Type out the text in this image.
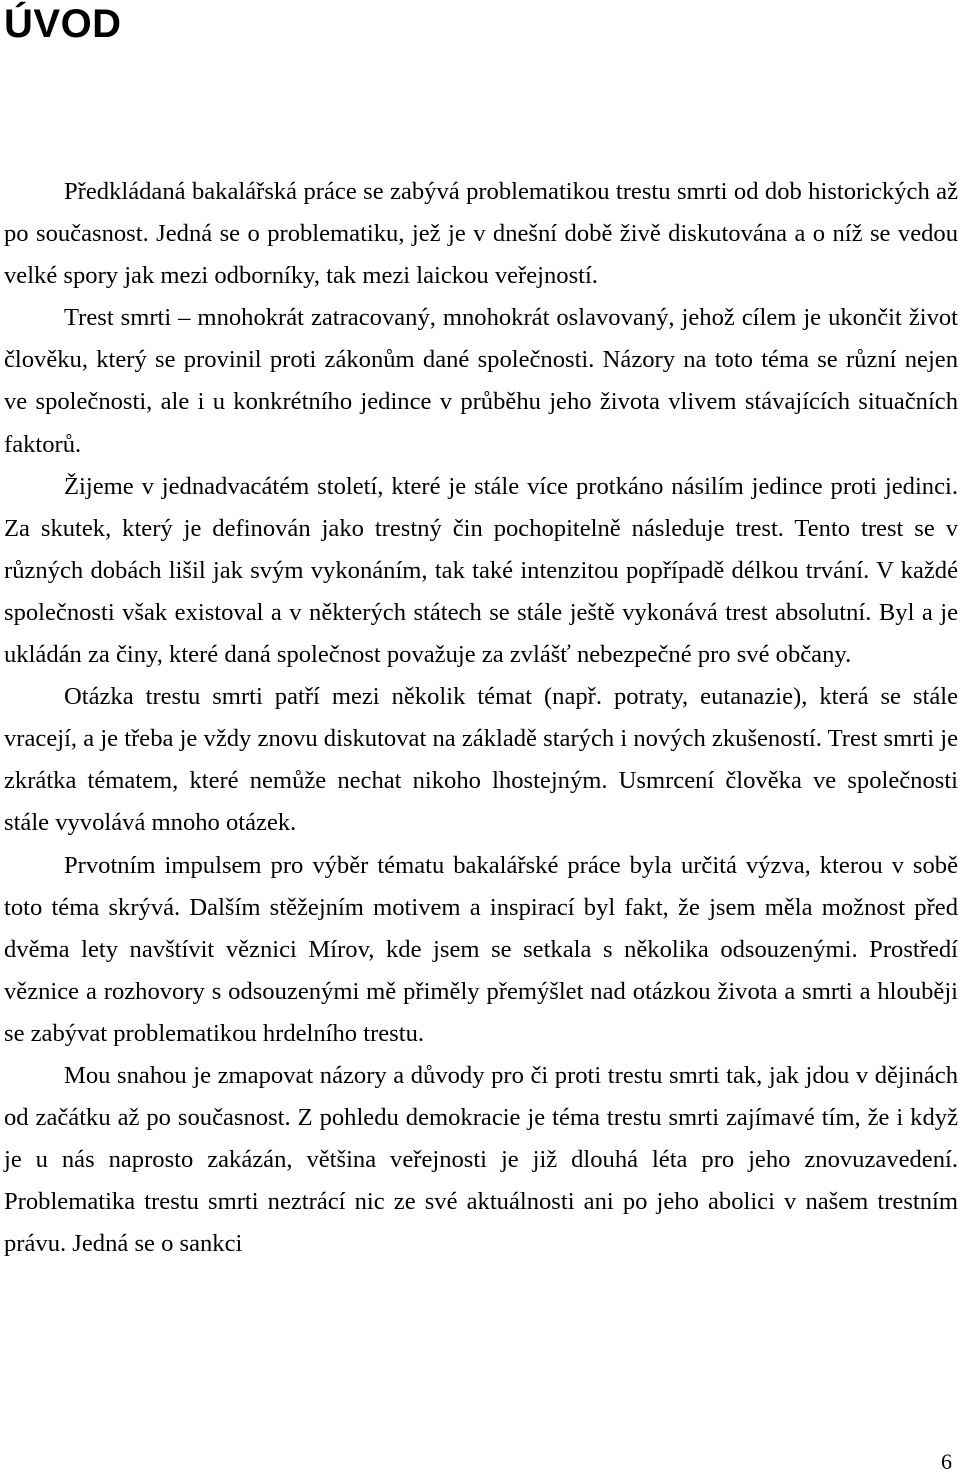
ÚVOD

Předkládaná bakalářská práce se zabývá problematikou trestu smrti od dob historických až po současnost. Jedná se o problematiku, jež je v dnešní době živě diskutována a o níž se vedou velké spory jak mezi odborníky, tak mezi laickou veřejností.

Trest smrti – mnohokrát zatracovaný, mnohokrát oslavovaný, jehož cílem je ukončit život člověku, který se provinil proti zákonům dané společnosti. Názory na toto téma se různí nejen ve společnosti, ale i u konkrétního jedince v průběhu jeho života vlivem stávajících situačních faktorů.

Žijeme v jednadvacátém století, které je stále více protkáno násilím jedince proti jedinci. Za skutek, který je definován jako trestný čin pochopitelně následuje trest. Tento trest se v různých dobách lišil jak svým vykonáním, tak také intenzitou popřípadě délkou trvání. V každé společnosti však existoval a v některých státech se stále ještě vykonává trest absolutní. Byl a je ukládán za činy, které daná společnost považuje za zvlášť nebezpečné pro své občany.

Otázka trestu smrti patří mezi několik témat (např. potraty, eutanazie), která se stále vracejí, a je třeba je vždy znovu diskutovat na základě starých i nových zkušeností. Trest smrti je zkrátka tématem, které nemůže nechat nikoho lhostejným. Usmrcení člověka ve společnosti stále vyvolává mnoho otázek.

Prvotním impulsem pro výběr tématu bakalářské práce byla určitá výzva, kterou v sobě toto téma skrývá. Dalším stěžejním motivem a inspirací byl fakt, že jsem měla možnost před dvěma lety navštívit věznici Mírov, kde jsem se setkala s několika odsouzenými. Prostředí věznice a rozhovory s odsouzenými mě přiměly přemýšlet nad otázkou života a smrti a hlouběji se zabývat problematikou hrdelního trestu.

Mou snahou je zmapovat názory a důvody pro či proti trestu smrti tak, jak jdou v dějinách od začátku až po současnost. Z pohledu demokracie je téma trestu smrti zajímavé tím, že i když je u nás naprosto zakázán, většina veřejnosti je již dlouhá léta pro jeho znovuzavedení. Problematika trestu smrti neztrácí nic ze své aktuálnosti ani po jeho abolici v našem trestním právu. Jedná se o sankci

6
